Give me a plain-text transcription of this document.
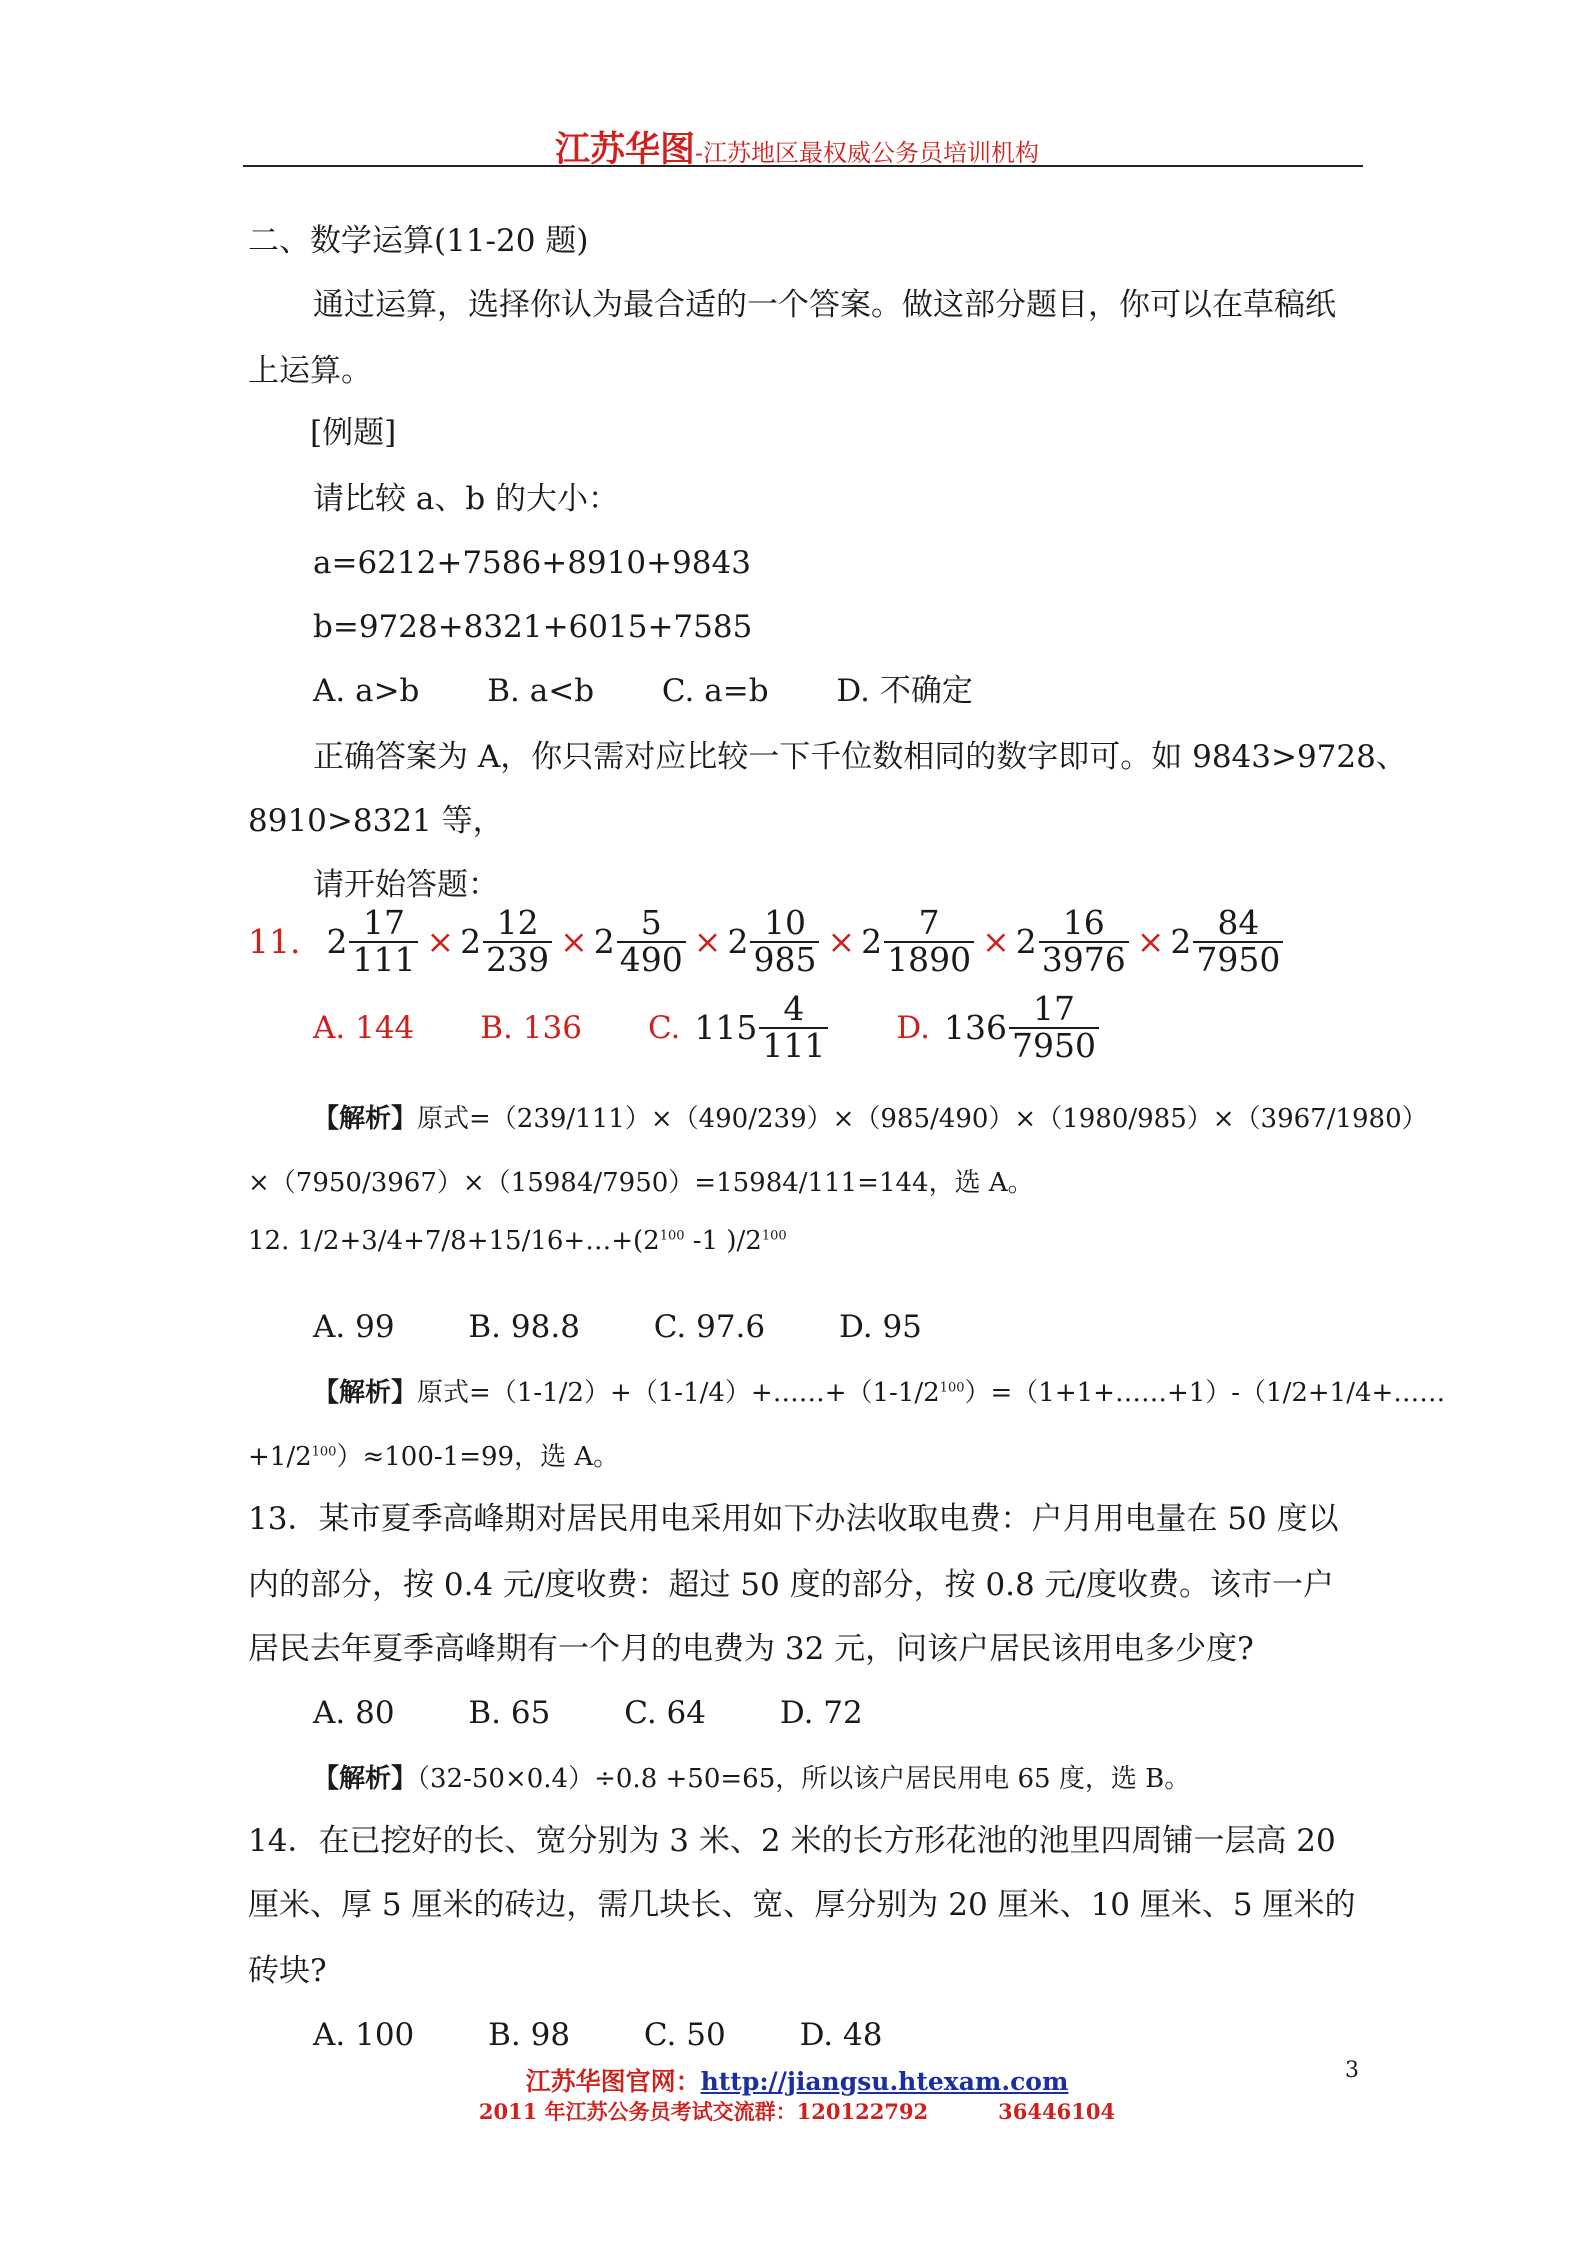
江苏华图-江苏地区最权威公务员培训机构
二、数学运算(11-20 题)
通过运算，选择你认为最合适的一个答案。做这部分题目，你可以在草稿纸
上运算。
[例题]
请比较 a、b 的大小：
a=6212+7586+8910+9843
b=9728+8321+6015+7585
A. a>b B. a<b C. a=b D. 不确定
正确答案为 A，你只需对应比较一下千位数相同的数字即可。如 9843>9728、
8910>8321 等，
请开始答题：
11. $2 \frac{17}{111} \times 2 \frac{12}{239} \times 2 \frac{5}{490} \times 2 \frac{10}{985} \times 2 \frac{7}{1890} \times 2 \frac{16}{3976} \times 2 \frac{84}{7950}$
A. 144 B. 136 C. $115 \frac{4}{111} D$. $136 \frac{17}{7950}$
【解析】原式=（239/111）×（490/239）×（985/490）×（1980/985）×（3967/1980）
×（7950/3967）×（15984/7950）=15984/111=144，选 A。
12. $1/2+3/4+7/8+15/16+\dots+(2^{100}$ -1 )$/2^{100}$
A. 99 B. 98.8 C. 97.6 D. 95
【解析】原式$=(1-1/2)+(1-1/4)+\dots\dots+(1-1/2^{100})=(1+1+\dots\dots+1)-(1/2+1/4+\dots\dots$
$+1/2^{100})\approx 100-1=99$，选 A。
13．某市夏季高峰期对居民用电采用如下办法收取电费：户月用电量在 50 度以
内的部分，按 0.4 元/度收费：超过 50 度的部分，按 0.8 元/度收费。该市一户
居民去年夏季高峰期有一个月的电费为 32 元，问该户居民该用电多少度?
A. 80 B. 65 C. 64 D. 72
【解析】（32-50×0.4）÷0.8 +50=65，所以该户居民用电 65 度，选 B。
14．在已挖好的长、宽分别为 3 米、2 米的长方形花池的池里四周铺一层高 20
厘米、厚 5 厘米的砖边，需几块长、宽、厚分别为 20 厘米、10 厘米、5 厘米的
砖块?
A. 100 B. 98 C. 50 D. 48
江苏华图官网：http://jiangsu.htexam.com
2011 年江苏公务员考试交流群：120122792	36446104
3
